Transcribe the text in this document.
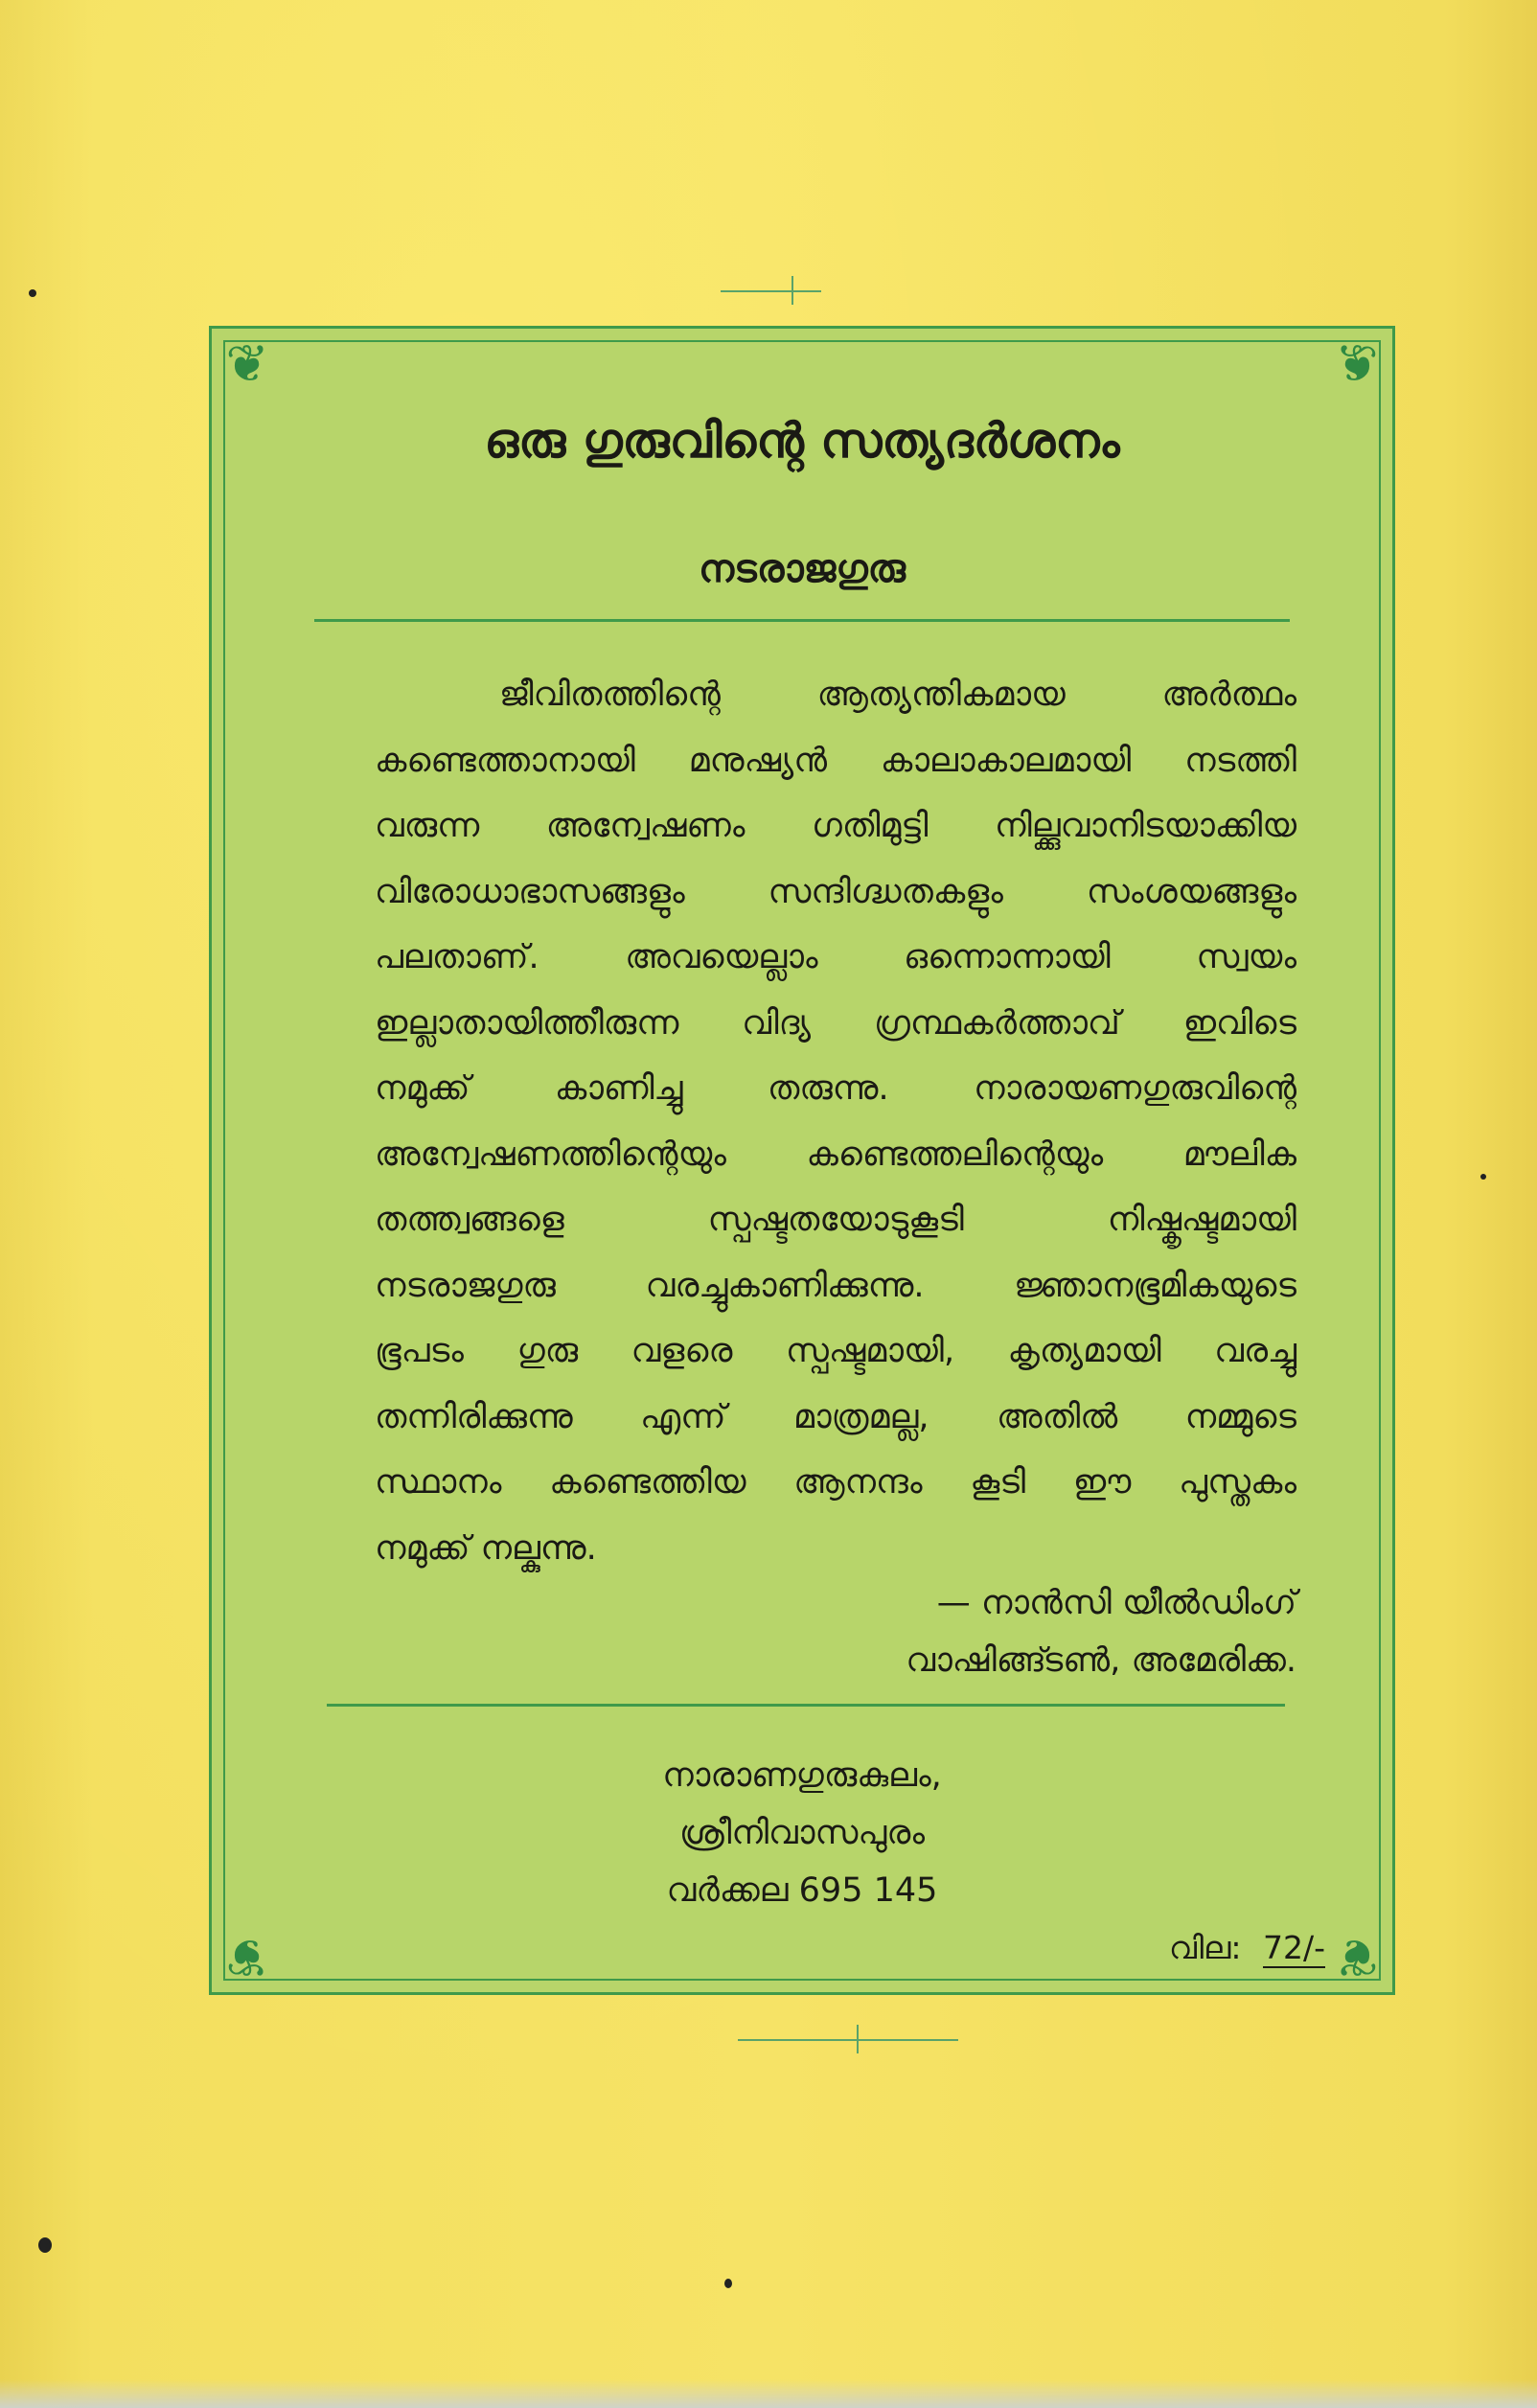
❦	❦
❦	❦
ഒരു ഗുരുവിന്റെ സത്യദർശനം
നടരാജഗുരു
ജീവിതത്തിന്റെ ആത്യന്തികമായ അർത്ഥം
കണ്ടെത്താനായി മനുഷ്യൻ കാലാകാലമായി നടത്തി
വരുന്ന അന്വേഷണം ഗതിമുട്ടി നില്ക്കുവാനിടയാക്കിയ
വിരോധാഭാസങ്ങളും സന്ദിഗ്ദ്ധതകളും സംശയങ്ങളും
പലതാണ്. അവയെല്ലാം ഒന്നൊന്നായി സ്വയം
ഇല്ലാതായിത്തീരുന്ന വിദ്യ ഗ്രന്ഥകർത്താവ് ഇവിടെ
നമുക്ക് കാണിച്ചു തരുന്നു. നാരായണഗുരുവിന്റെ
അന്വേഷണത്തിന്റെയും കണ്ടെത്തലിന്റെയും മൗലിക
തത്ത്വങ്ങളെ സ്പഷ്ടതയോടുകൂടി നിഷ്കൃഷ്ടമായി
നടരാജഗുരു വരച്ചുകാണിക്കുന്നു. ജ്ഞാനഭൂമികയുടെ
ഭൂപടം ഗുരു വളരെ സ്പഷ്ടമായി, കൃത്യമായി വരച്ചു
തന്നിരിക്കുന്നു എന്ന് മാത്രമല്ല, അതിൽ നമ്മുടെ
സ്ഥാനം കണ്ടെത്തിയ ആനന്ദം കൂടി ഈ പുസ്തകം
നമുക്ക് നല്കുന്നു.
— നാൻസി യീൽഡിംഗ്
വാഷിങ്ങ്ടൺ, അമേരിക്ക.
നാരാണഗുരുകുലം,
ശ്രീനിവാസപുരം
വർക്കല 695 145
വില: 72/-
